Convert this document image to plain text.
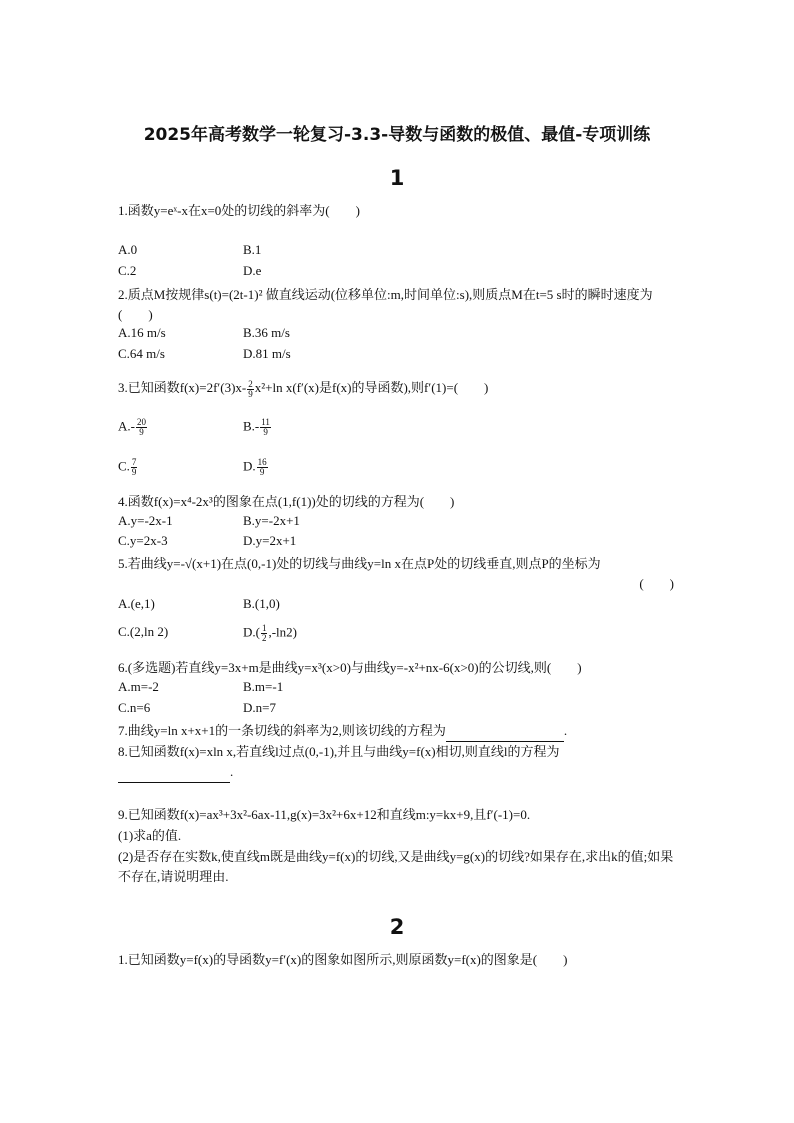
2025年高考数学一轮复习-3.3-导数与函数的极值、最值-专项训练
1
1.函数y=eˣ-x在x=0处的切线的斜率为(　　)
A.0	B.1
C.2	D.e
2.质点M按规律s(t)=(2t-1)² 做直线运动(位移单位:m,时间单位:s),则质点M在t=5 s时的瞬时速度为(　　)
A.16 m/s	B.36 m/s
C.64 m/s	D.81 m/s
3.已知函数$f(x)=2f'(3)x- \frac{2}{9} x^2+\ln$ x(f′(x)是f(x)的导函数),则f′(1)=(　　)
$A.- \frac{20}{9}$	$B.- \frac{11}{9}$
C. $\frac{7}{9}$	D. $\frac{16}{9}$
4.函数f(x)=x⁴-2x³的图象在点(1,f(1))处的切线的方程为(　　)
A.y=-2x-1	B.y=-2x+1
C.y=2x-3	D.y=2x+1
5.若曲线y=-√(x+1)在点(0,-1)处的切线与曲线y=ln x在点P处的切线垂直,则点P的坐标为
(　　)
A.(e,1)	B.(1,0)
C.(2,ln 2)	$D.( \frac{1}{2} ,-\ln 2)$
6.(多选题)若直线y=3x+m是曲线y=x³(x>0)与曲线y=-x²+nx-6(x>0)的公切线,则(　　)
A.m=-2	B.m=-1
C.n=6	D.n=7
7.曲线y=ln x+x+1的一条切线的斜率为2,则该切线的方程为	.
8.已知函数f(x)=xln x,若直线l过点(0,-1),并且与曲线y=f(x)相切,则直线l的方程为
.
9.已知函数f(x)=ax³+3x²-6ax-11,g(x)=3x²+6x+12和直线m:y=kx+9,且f′(-1)=0.
(1)求a的值.
(2)是否存在实数k,使直线m既是曲线y=f(x)的切线,又是曲线y=g(x)的切线?如果存在,求出k的值;如果不存在,请说明理由.
2
1.已知函数y=f(x)的导函数y=f′(x)的图象如图所示,则原函数y=f(x)的图象是(　　)
